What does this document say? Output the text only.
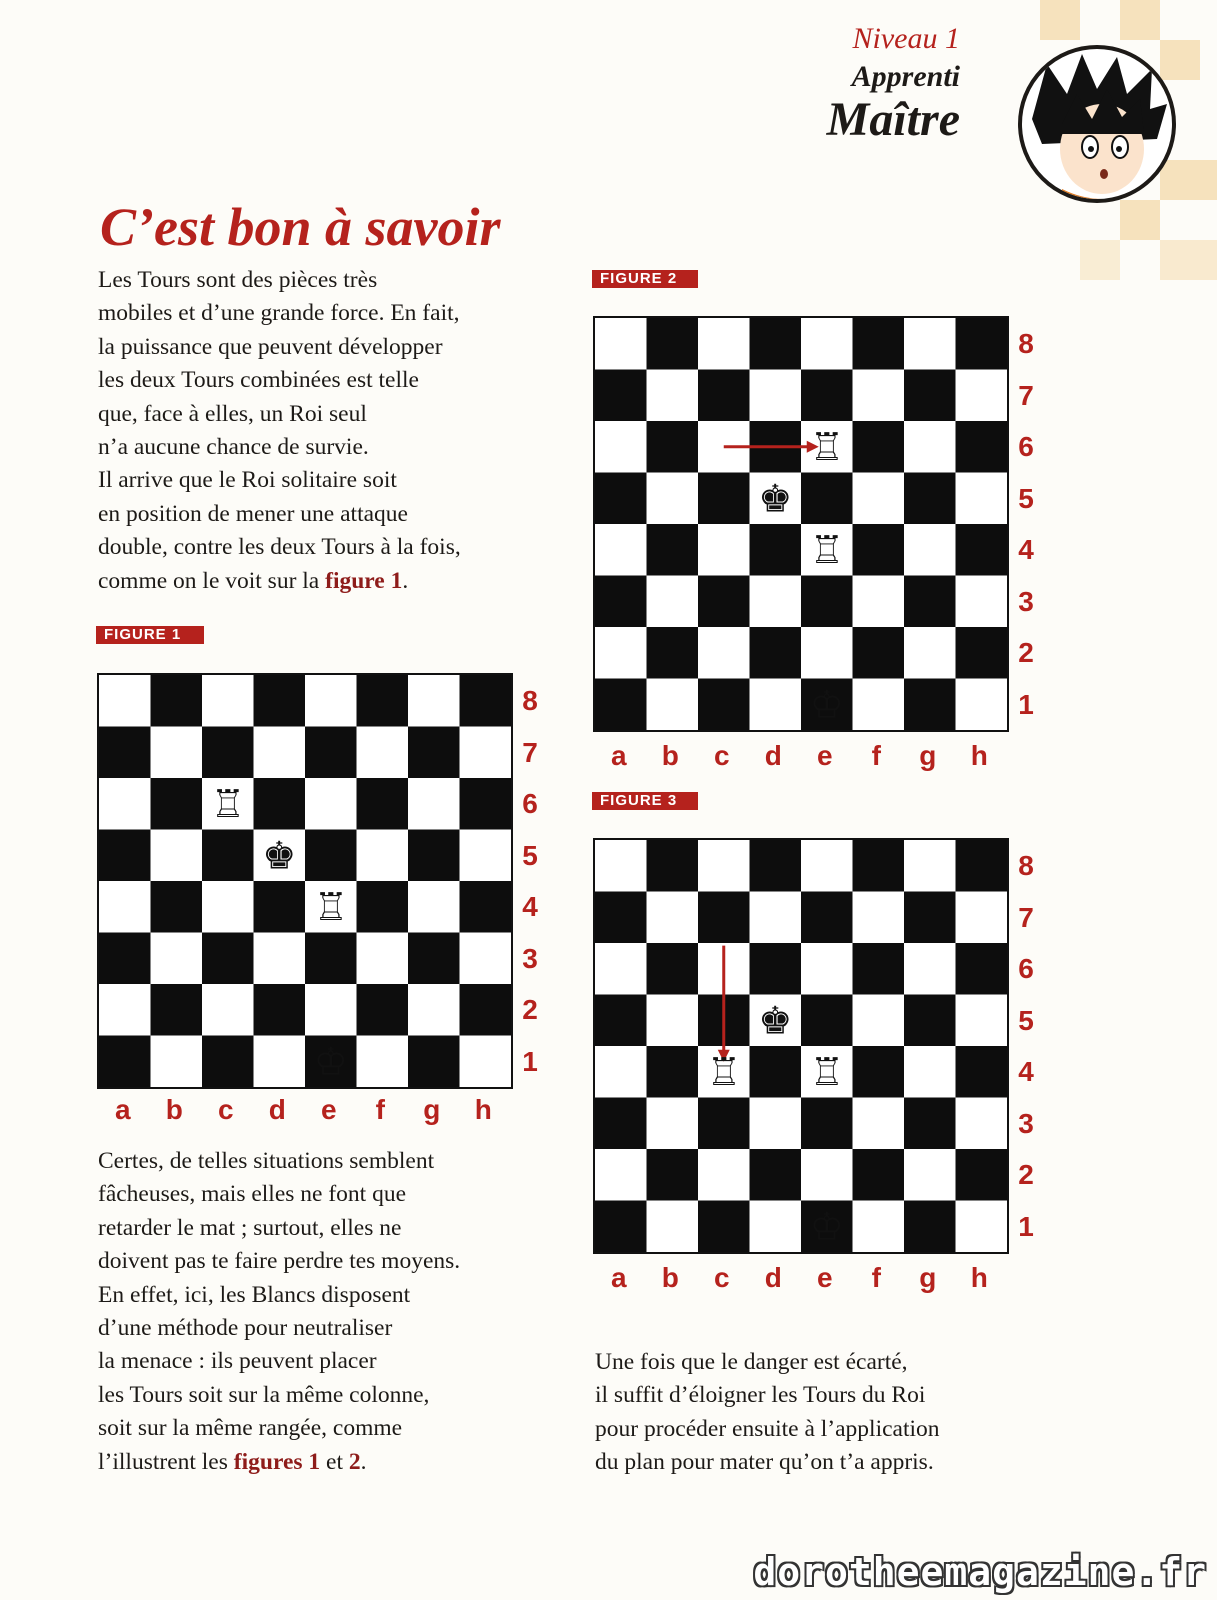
Niveau 1
Apprenti
Maître
C’est bon à savoir

Les Tours sont des pièces très

mobiles et d’une grande force. En fait,

la puissance que peuvent développer

les deux Tours combinées est telle

que, face à elles, un Roi seul

n’a aucune chance de survie.

Il arrive que le Roi solitaire soit

en position de mener une attaque

double, contre les deux Tours à la fois,

comme on le voit sur la figure 1.

Certes, de telles situations semblent

fâcheuses, mais elles ne font que

retarder le mat ; surtout, elles ne

doivent pas te faire perdre tes moyens.

En effet, ici, les Blancs disposent

d’une méthode pour neutraliser

la menace : ils peuvent placer

les Tours soit sur la même colonne,

soit sur la même rangée, comme

l’illustrent les figures 1 et 2.

Une fois que le danger est écarté,

il suffit d’éloigner les Tours du Roi

pour procéder ensuite à l’application

du plan pour mater qu’on t’a appris.

FIGURE 1
♖
♖
♚
♔
8
7
6
5
4
3
2
1
a b c d e	f	g h
FIGURE 2
♖
♖
♚
♔
8
7
6
5
4
3
2
1
a b c d e	f	g h
FIGURE 3
♖ ♖
♚
♔
8
7
6
5
4
3
2
1
a b c d e	f	g h
dorotheemagazine.fr
